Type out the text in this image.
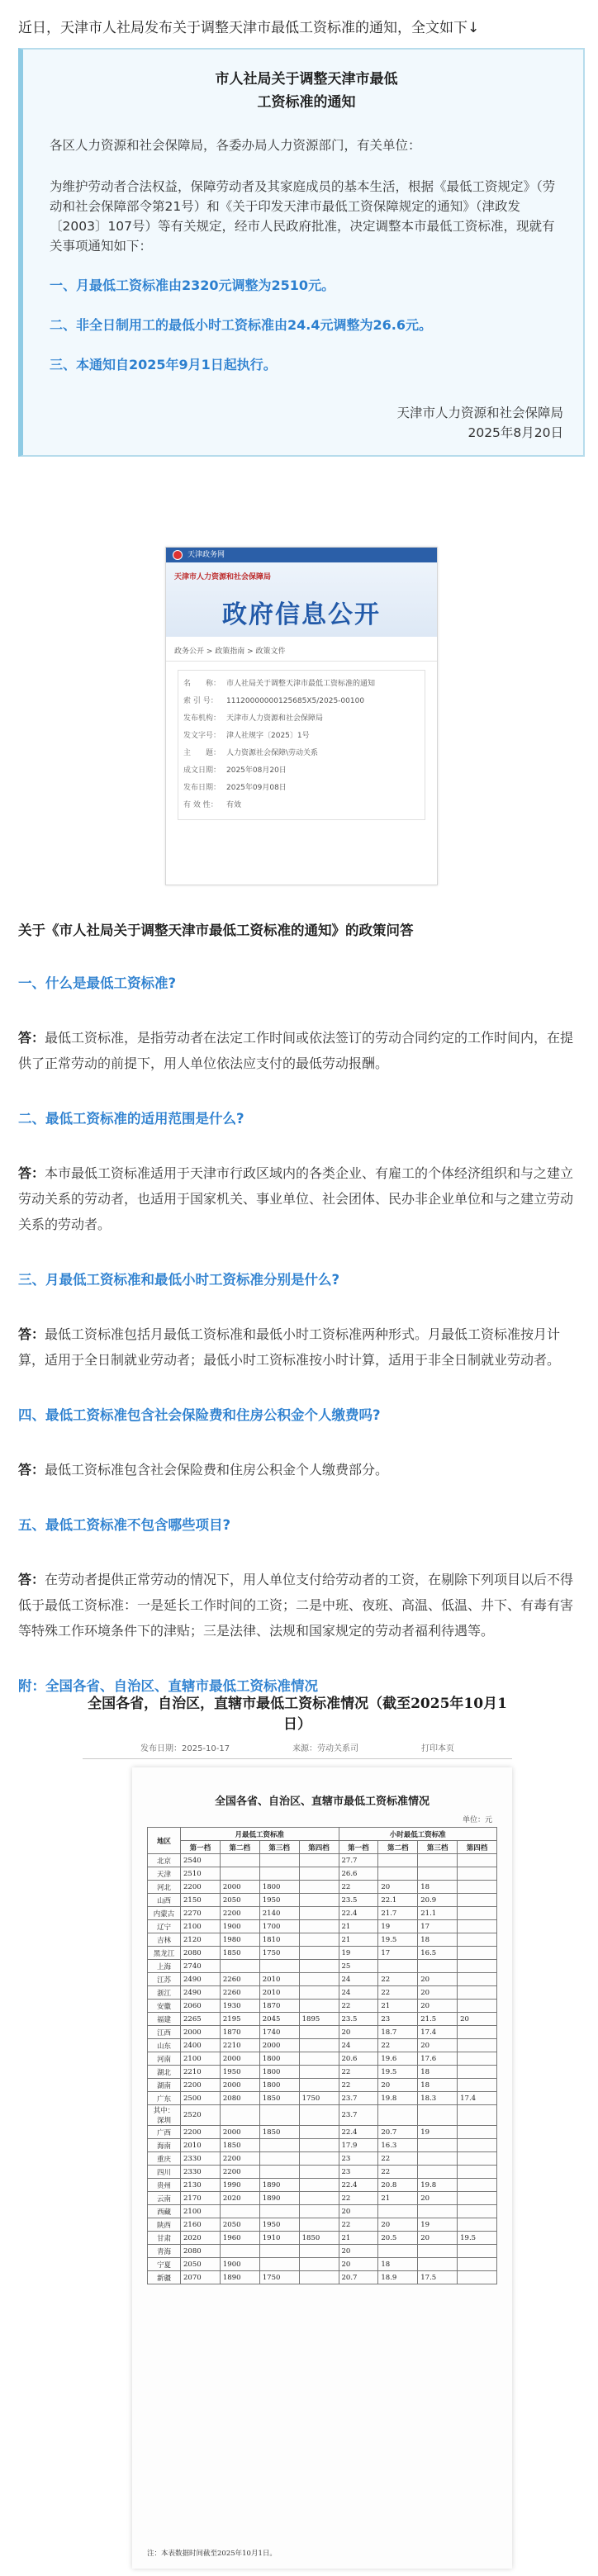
近日，天津市人社局发布关于调整天津市最低工资标准的通知，全文如下↓

市人社局关于调整天津市最低
工资标准的通知

各区人力资源和社会保障局，各委办局人力资源部门，有关单位：

为维护劳动者合法权益，保障劳动者及其家庭成员的基本生活，根据《最低工资规定》（劳动和社会保障部令第21号）和《关于印发天津市最低工资保障规定的通知》（津政发〔2003〕107号）等有关规定，经市人民政府批准，决定调整本市最低工资标准，现就有关事项通知如下：

一、月最低工资标准由2320元调整为2510元。

二、非全日制用工的最低小时工资标准由24.4元调整为26.6元。

三、本通知自2025年9月1日起执行。

天津市人力资源和社会保障局

2025年8月20日

天津政务网
天津市人力资源和社会保障局
政府信息公开
政务公开 > 政策指南 > 政策文件
名　　称： 市人社局关于调整天津市最低工资标准的通知
索 引 号：	11120000000125685X5/2025-00100
发布机构： 天津市人力资源和社会保障局
发文字号： 津人社规字〔2025〕1号
主　　题： 人力资源社会保障\劳动关系
成文日期： 2025年08月20日
发布日期： 2025年09月08日
有 效 性：	有效
关于《市人社局关于调整天津市最低工资标准的通知》的政策问答

一、什么是最低工资标准?

答：最低工资标准，是指劳动者在法定工作时间或依法签订的劳动合同约定的工作时间内，在提供了正常劳动的前提下，用人单位依法应支付的最低劳动报酬。

二、最低工资标准的适用范围是什么?

答：本市最低工资标准适用于天津市行政区域内的各类企业、有雇工的个体经济组织和与之建立劳动关系的劳动者，也适用于国家机关、事业单位、社会团体、民办非企业单位和与之建立劳动关系的劳动者。

三、月最低工资标准和最低小时工资标准分别是什么?

答：最低工资标准包括月最低工资标准和最低小时工资标准两种形式。月最低工资标准按月计算，适用于全日制就业劳动者；最低小时工资标准按小时计算，适用于非全日制就业劳动者。

四、最低工资标准包含社会保险费和住房公积金个人缴费吗?

答：最低工资标准包含社会保险费和住房公积金个人缴费部分。

五、最低工资标准不包含哪些项目?

答：在劳动者提供正常劳动的情况下，用人单位支付给劳动者的工资，在剔除下列项目以后不得低于最低工资标准：一是延长工作时间的工资；二是中班、夜班、高温、低温、井下、有毒有害等特殊工作环境条件下的津贴；三是法律、法规和国家规定的劳动者福利待遇等。

附：全国各省、自治区、直辖市最低工资标准情况

全国各省，自治区，直辖市最低工资标准情况（截至2025年10月1日）
发布日期：2025-10-17	来源：劳动关系司	打印本页
全国各省、自治区、直辖市最低工资标准情况
单位：元
地区	月最低工资标准				小时最低工资标准			
	第一档	第二档	第三档	第四档	第一档	第二档	第三档	第四档
北京	2540				27.7			
天津	2510				26.6			
河北	2200	2000	1800		22	20	18	
山西	2150	2050	1950		23.5	22.1	20.9	
内蒙古	2270	2200	2140		22.4	21.7	21.1	
辽宁	2100	1900	1700		21	19	17	
吉林	2120	1980	1810		21	19.5	18	
黑龙江	2080	1850	1750		19	17	16.5	
上海	2740				25			
江苏	2490	2260	2010		24	22	20	
浙江	2490	2260	2010		24	22	20	
安徽	2060	1930	1870		22	21	20	
福建	2265	2195	2045	1895	23.5	23	21.5	20
江西	2000	1870	1740		20	18.7	17.4	
山东	2400	2210	2000		24	22	20	
河南	2100	2000	1800		20.6	19.6	17.6	
湖北	2210	1950	1800		22	19.5	18	
湖南	2200	2000	1800		22	20	18	
广东	2500	2080	1850	1750	23.7	19.8	18.3	17.4
其中：深圳	2520				23.7			
广西	2200	2000	1850		22.4	20.7	19	
海南	2010	1850			17.9	16.3		
重庆	2330	2200			23	22		
四川	2330	2200			23	22		
贵州	2130	1990	1890		22.4	20.8	19.8	
云南	2170	2020	1890		22	21	20	
西藏	2100				20			
陕西	2160	2050	1950		22	20	19	
甘肃	2020	1960	1910	1850	21	20.5	20	19.5
青海	2080				20			
宁夏	2050	1900			20	18		
新疆	2070	1890	1750		20.7	18.9	17.5	
注：本表数据时间截至2025年10月1日。
